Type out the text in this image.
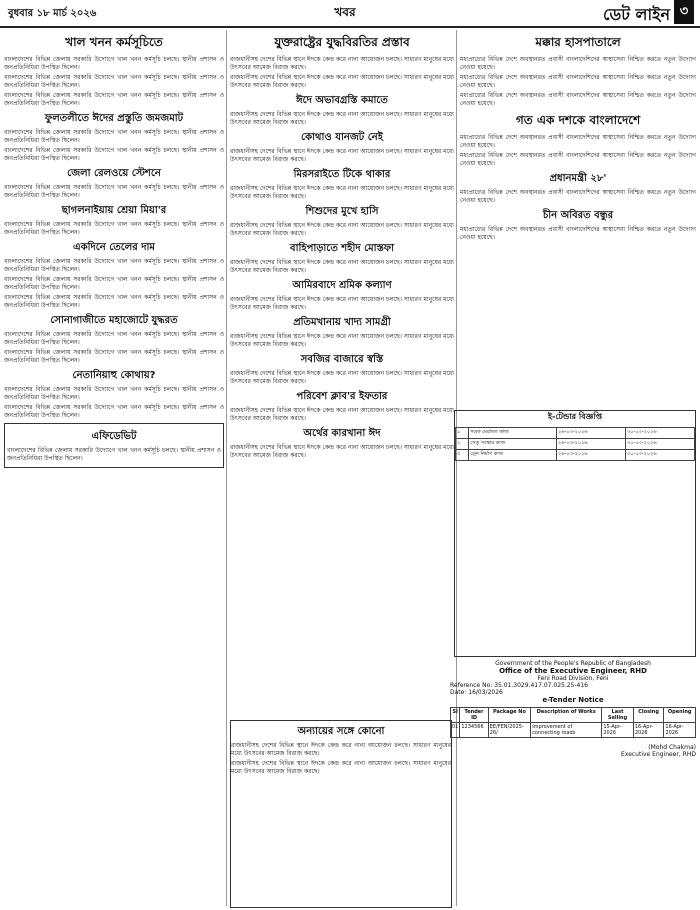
বুধবার ১৮ মার্চ ২০২৬	খবর	ডেট লাইন ৩
খাল খনন কর্মসূচিতে

বাংলাদেশের বিভিন্ন জেলায় সরকারি উদ্যোগে খাল খনন কর্মসূচি চলছে। স্থানীয় প্রশাসন ও জনপ্রতিনিধিরা উপস্থিত ছিলেন।

বাংলাদেশের বিভিন্ন জেলায় সরকারি উদ্যোগে খাল খনন কর্মসূচি চলছে। স্থানীয় প্রশাসন ও জনপ্রতিনিধিরা উপস্থিত ছিলেন।

বাংলাদেশের বিভিন্ন জেলায় সরকারি উদ্যোগে খাল খনন কর্মসূচি চলছে। স্থানীয় প্রশাসন ও জনপ্রতিনিধিরা উপস্থিত ছিলেন।

ফুলতলীতে ঈদের প্রস্তুতি জমজমাট

বাংলাদেশের বিভিন্ন জেলায় সরকারি উদ্যোগে খাল খনন কর্মসূচি চলছে। স্থানীয় প্রশাসন ও জনপ্রতিনিধিরা উপস্থিত ছিলেন।

বাংলাদেশের বিভিন্ন জেলায় সরকারি উদ্যোগে খাল খনন কর্মসূচি চলছে। স্থানীয় প্রশাসন ও জনপ্রতিনিধিরা উপস্থিত ছিলেন।

জেলা রেলওয়ে স্টেশনে

বাংলাদেশের বিভিন্ন জেলায় সরকারি উদ্যোগে খাল খনন কর্মসূচি চলছে। স্থানীয় প্রশাসন ও জনপ্রতিনিধিরা উপস্থিত ছিলেন।

ছাগলনাইয়ায় শ্রেয়া মিয়া'র

বাংলাদেশের বিভিন্ন জেলায় সরকারি উদ্যোগে খাল খনন কর্মসূচি চলছে। স্থানীয় প্রশাসন ও জনপ্রতিনিধিরা উপস্থিত ছিলেন।

একদিনে তেলের দাম

বাংলাদেশের বিভিন্ন জেলায় সরকারি উদ্যোগে খাল খনন কর্মসূচি চলছে। স্থানীয় প্রশাসন ও জনপ্রতিনিধিরা উপস্থিত ছিলেন।

বাংলাদেশের বিভিন্ন জেলায় সরকারি উদ্যোগে খাল খনন কর্মসূচি চলছে। স্থানীয় প্রশাসন ও জনপ্রতিনিধিরা উপস্থিত ছিলেন।

বাংলাদেশের বিভিন্ন জেলায় সরকারি উদ্যোগে খাল খনন কর্মসূচি চলছে। স্থানীয় প্রশাসন ও জনপ্রতিনিধিরা উপস্থিত ছিলেন।

সোনাগাজীতে মহাজোটে যুদ্ধরত

বাংলাদেশের বিভিন্ন জেলায় সরকারি উদ্যোগে খাল খনন কর্মসূচি চলছে। স্থানীয় প্রশাসন ও জনপ্রতিনিধিরা উপস্থিত ছিলেন।

বাংলাদেশের বিভিন্ন জেলায় সরকারি উদ্যোগে খাল খনন কর্মসূচি চলছে। স্থানীয় প্রশাসন ও জনপ্রতিনিধিরা উপস্থিত ছিলেন।

নেতানিয়াহু কোথায়?

বাংলাদেশের বিভিন্ন জেলায় সরকারি উদ্যোগে খাল খনন কর্মসূচি চলছে। স্থানীয় প্রশাসন ও জনপ্রতিনিধিরা উপস্থিত ছিলেন।

বাংলাদেশের বিভিন্ন জেলায় সরকারি উদ্যোগে খাল খনন কর্মসূচি চলছে। স্থানীয় প্রশাসন ও জনপ্রতিনিধিরা উপস্থিত ছিলেন।

এফিডেভিট

বাংলাদেশের বিভিন্ন জেলায় সরকারি উদ্যোগে খাল খনন কর্মসূচি চলছে। স্থানীয় প্রশাসন ও জনপ্রতিনিধিরা উপস্থিত ছিলেন।

যুক্তরাষ্ট্রের যুদ্ধবিরতির প্রস্তাব

রাজধানীসহ দেশের বিভিন্ন স্থানে ঈদকে কেন্দ্র করে নানা আয়োজন চলছে। সাধারণ মানুষের মধ্যে উৎসবের আমেজ বিরাজ করছে।

রাজধানীসহ দেশের বিভিন্ন স্থানে ঈদকে কেন্দ্র করে নানা আয়োজন চলছে। সাধারণ মানুষের মধ্যে উৎসবের আমেজ বিরাজ করছে।

ঈদে অভাবগ্রস্তি কমাতে

রাজধানীসহ দেশের বিভিন্ন স্থানে ঈদকে কেন্দ্র করে নানা আয়োজন চলছে। সাধারণ মানুষের মধ্যে উৎসবের আমেজ বিরাজ করছে।

কোথাও যানজট নেই

রাজধানীসহ দেশের বিভিন্ন স্থানে ঈদকে কেন্দ্র করে নানা আয়োজন চলছে। সাধারণ মানুষের মধ্যে উৎসবের আমেজ বিরাজ করছে।

মিরসরাইতে টিকে থাকার

রাজধানীসহ দেশের বিভিন্ন স্থানে ঈদকে কেন্দ্র করে নানা আয়োজন চলছে। সাধারণ মানুষের মধ্যে উৎসবের আমেজ বিরাজ করছে।

শিশুদের মুখে হাসি

রাজধানীসহ দেশের বিভিন্ন স্থানে ঈদকে কেন্দ্র করে নানা আয়োজন চলছে। সাধারণ মানুষের মধ্যে উৎসবের আমেজ বিরাজ করছে।

বাহিপাড়াতে শহীদ মোস্তফা

রাজধানীসহ দেশের বিভিন্ন স্থানে ঈদকে কেন্দ্র করে নানা আয়োজন চলছে। সাধারণ মানুষের মধ্যে উৎসবের আমেজ বিরাজ করছে।

আমিরবাদে শ্রমিক কল্যাণ

রাজধানীসহ দেশের বিভিন্ন স্থানে ঈদকে কেন্দ্র করে নানা আয়োজন চলছে। সাধারণ মানুষের মধ্যে উৎসবের আমেজ বিরাজ করছে।

প্রতিমখানায় খাদ্য সামগ্রী

রাজধানীসহ দেশের বিভিন্ন স্থানে ঈদকে কেন্দ্র করে নানা আয়োজন চলছে। সাধারণ মানুষের মধ্যে উৎসবের আমেজ বিরাজ করছে।

সবজির বাজারে স্বস্তি

রাজধানীসহ দেশের বিভিন্ন স্থানে ঈদকে কেন্দ্র করে নানা আয়োজন চলছে। সাধারণ মানুষের মধ্যে উৎসবের আমেজ বিরাজ করছে।

পরিবেশ ক্লাব'র ইফতার

রাজধানীসহ দেশের বিভিন্ন স্থানে ঈদকে কেন্দ্র করে নানা আয়োজন চলছে। সাধারণ মানুষের মধ্যে উৎসবের আমেজ বিরাজ করছে।

অর্থের কারখানা ঈদ

রাজধানীসহ দেশের বিভিন্ন স্থানে ঈদকে কেন্দ্র করে নানা আয়োজন চলছে। সাধারণ মানুষের মধ্যে উৎসবের আমেজ বিরাজ করছে।

অন্যায়ের সঙ্গে কোনো

রাজধানীসহ দেশের বিভিন্ন স্থানে ঈদকে কেন্দ্র করে নানা আয়োজন চলছে। সাধারণ মানুষের মধ্যে উৎসবের আমেজ বিরাজ করছে।

রাজধানীসহ দেশের বিভিন্ন স্থানে ঈদকে কেন্দ্র করে নানা আয়োজন চলছে। সাধারণ মানুষের মধ্যে উৎসবের আমেজ বিরাজ করছে।

মক্কার হাসপাতালে

মধ্যপ্রাচ্যের বিভিন্ন দেশে অবস্থানরত প্রবাসী বাংলাদেশিদের স্বাস্থ্যসেবা নিশ্চিত করতে নতুন উদ্যোগ নেওয়া হয়েছে।

মধ্যপ্রাচ্যের বিভিন্ন দেশে অবস্থানরত প্রবাসী বাংলাদেশিদের স্বাস্থ্যসেবা নিশ্চিত করতে নতুন উদ্যোগ নেওয়া হয়েছে।

মধ্যপ্রাচ্যের বিভিন্ন দেশে অবস্থানরত প্রবাসী বাংলাদেশিদের স্বাস্থ্যসেবা নিশ্চিত করতে নতুন উদ্যোগ নেওয়া হয়েছে।

গত এক দশকে বাংলাদেশে

মধ্যপ্রাচ্যের বিভিন্ন দেশে অবস্থানরত প্রবাসী বাংলাদেশিদের স্বাস্থ্যসেবা নিশ্চিত করতে নতুন উদ্যোগ নেওয়া হয়েছে।

মধ্যপ্রাচ্যের বিভিন্ন দেশে অবস্থানরত প্রবাসী বাংলাদেশিদের স্বাস্থ্যসেবা নিশ্চিত করতে নতুন উদ্যোগ নেওয়া হয়েছে।

প্রধানমন্ত্রী ২৮'

মধ্যপ্রাচ্যের বিভিন্ন দেশে অবস্থানরত প্রবাসী বাংলাদেশিদের স্বাস্থ্যসেবা নিশ্চিত করতে নতুন উদ্যোগ নেওয়া হয়েছে।

চীন অবিরত বন্ধুর

মধ্যপ্রাচ্যের বিভিন্ন দেশে অবস্থানরত প্রবাসী বাংলাদেশিদের স্বাস্থ্যসেবা নিশ্চিত করতে নতুন উদ্যোগ নেওয়া হয়েছে।

ই-টেন্ডার বিজ্ঞপ্তি
১	সড়ক মেরামত কাজ	২৬-০৩-২০২৬	৩০-০৩-২০২৬
২	সেতু সংস্কার কাজ	২৬-০৩-২০২৬	৩০-০৩-২০২৬
৩	ড্রেন নির্মাণ কাজ	২৬-০৩-২০২৬	৩০-০৩-২০২৬
Government of the People's Republic of Bangladesh
Office of the Executive Engineer, RHD
Feni Road Division, Feni
Reference No: 35.01.3029.417.07.025.25-416
Date: 16/03/2026
e-Tender Notice
Sl	Tender ID	Package No	Description of Works	Last Selling	Closing	Opening
01	1234566	EE/FEN/2025-26/	Improvement of connecting roads	15-Apr-2026	16-Apr-2026	16-Apr-2026
(Mohd Chakma)
Executive Engineer, RHD
